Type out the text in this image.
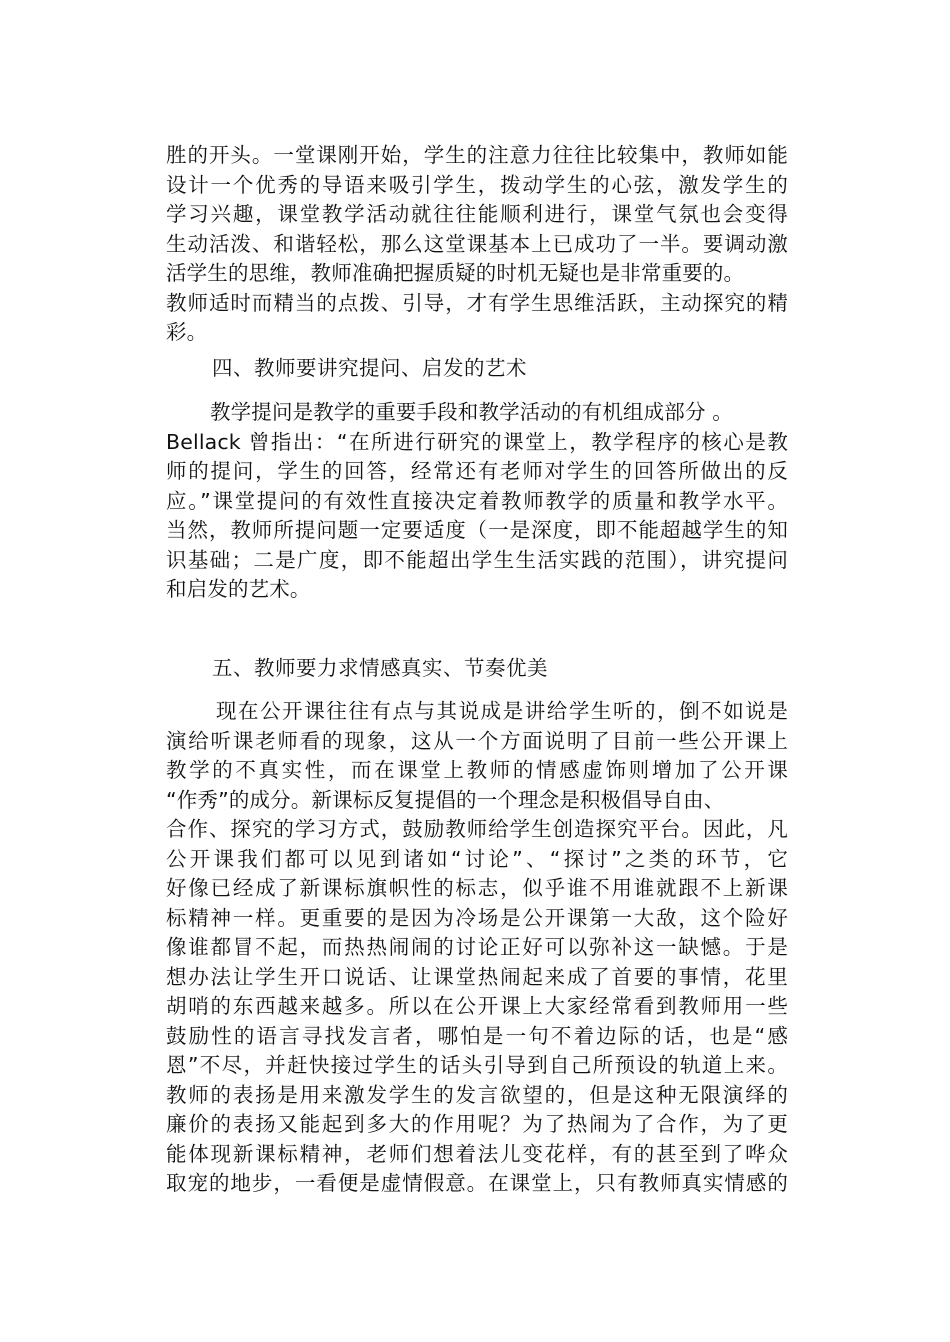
胜的开头。一堂课刚开始，学生的注意力往往比较集中，教师如能
设计一个优秀的导语来吸引学生，拨动学生的心弦，激发学生的
学习兴趣，课堂教学活动就往往能顺利进行，课堂气氛也会变得
生动活泼、和谐轻松，那么这堂课基本上已成功了一半。要调动激
活学生的思维，教师准确把握质疑的时机无疑也是非常重要的。
教师适时而精当的点拨、引导，才有学生思维活跃，主动探究的精
彩。
四、教师要讲究提问、启发的艺术
教学提问是教学的重要手段和教学活动的有机组成部分 。
Bellack 曾指出：“在所进行研究的课堂上，教学程序的核心是教
师的提问，学生的回答，经常还有老师对学生的回答所做出的反
应。”课堂提问的有效性直接决定着教师教学的质量和教学水平。
当然，教师所提问题一定要适度（一是深度，即不能超越学生的知
识基础；二是广度，即不能超出学生生活实践的范围），讲究提问
和启发的艺术。
五、教师要力求情感真实、节奏优美
现在公开课往往有点与其说成是讲给学生听的，倒不如说是
演给听课老师看的现象，这从一个方面说明了目前一些公开课上
教学的不真实性，而在课堂上教师的情感虚饰则增加了公开课
“作秀”的成分。新课标反复提倡的一个理念是积极倡导自由、
合作、探究的学习方式，鼓励教师给学生创造探究平台。因此，凡
公开课我们都可以见到诸如“讨论”、“探讨”之类的环节，它
好像已经成了新课标旗帜性的标志，似乎谁不用谁就跟不上新课
标精神一样。更重要的是因为冷场是公开课第一大敌，这个险好
像谁都冒不起，而热热闹闹的讨论正好可以弥补这一缺憾。于是
想办法让学生开口说话、让课堂热闹起来成了首要的事情，花里
胡哨的东西越来越多。所以在公开课上大家经常看到教师用一些
鼓励性的语言寻找发言者，哪怕是一句不着边际的话，也是“感
恩”不尽，并赶快接过学生的话头引导到自己所预设的轨道上来。
教师的表扬是用来激发学生的发言欲望的，但是这种无限演绎的
廉价的表扬又能起到多大的作用呢？为了热闹为了合作，为了更
能体现新课标精神，老师们想着法儿变花样，有的甚至到了哗众
取宠的地步，一看便是虚情假意。在课堂上，只有教师真实情感的
